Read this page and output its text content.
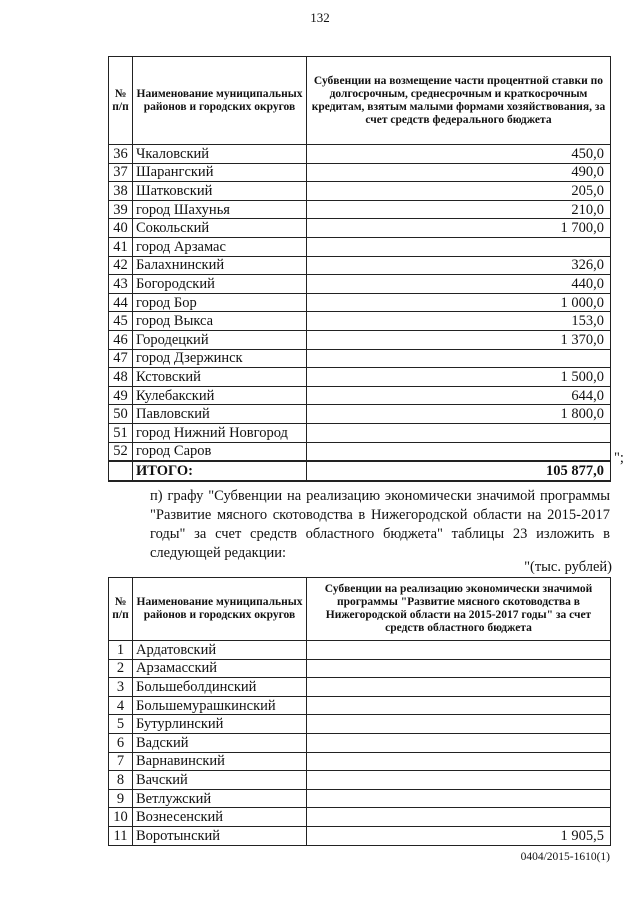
132
№ п/п	Наименование муниципальных районов и городских округов	Субвенции на возмещение части процентной ставки по долгосрочным, среднесрочным и краткосрочным кредитам, взятым малыми формами хозяйствования, за счет средств федерального бюджета
36	Чкаловский	450,0
37	Шарангский	490,0
38	Шатковский	205,0
39	город Шахунья	210,0
40	Сокольский	1 700,0
41	город Арзамас	
42	Балахнинский	326,0
43	Богородский	440,0
44	город Бор	1 000,0
45	город Выкса	153,0
46	Городецкий	1 370,0
47	город Дзержинск	
48	Кстовский	1 500,0
49	Кулебакский	644,0
50	Павловский	1 800,0
51	город Нижний Новгород	
52	город Саров	
	ИТОГО:	105 877,0
";
п) графу "Субвенции на реализацию экономически значимой программы "Развитие мясного скотоводства в Нижегородской области на 2015-2017 годы" за счет средств областного бюджета" таблицы 23 изложить в следующей редакции:
"(тыс. рублей)
№ п/п	Наименование муниципальных районов и городских округов	Субвенции на реализацию экономически значимой программы "Развитие мясного скотоводства в Нижегородской области на 2015-2017 годы" за счет средств областного бюджета
1	Ардатовский	
2	Арзамасский	
3	Большеболдинский	
4	Большемурашкинский	
5	Бутурлинский	
6	Вадский	
7	Варнавинский	
8	Вачский	
9	Ветлужский	
10	Вознесенский	
11	Воротынский	1 905,5
0404/2015-1610(1)
